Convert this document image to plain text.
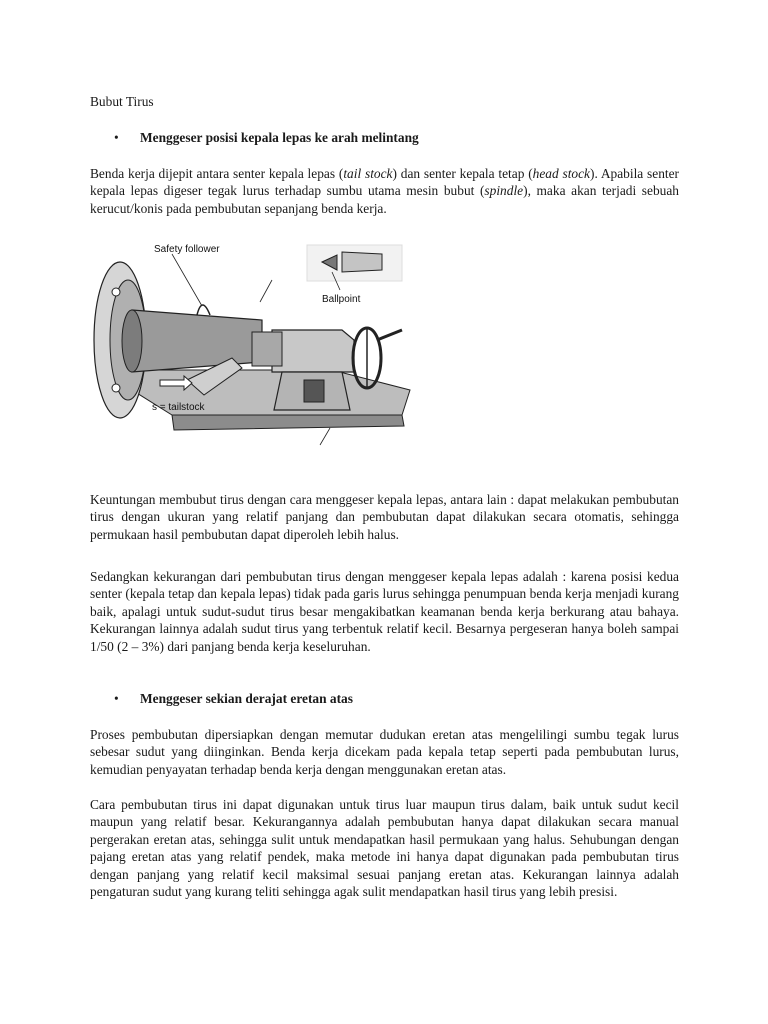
Bubut Tirus
•	Menggeser posisi kepala lepas ke arah melintang
Benda kerja dijepit antara senter kepala lepas (tail stock) dan senter kepala tetap (head stock). Apabila senter kepala lepas digeser tegak lurus terhadap sumbu utama mesin bubut (spindle), maka akan terjadi sebuah kerucut/konis pada pembubutan sepanjang benda kerja.
Safety follower
Ballpoint
s = tailstock
Keuntungan membubut tirus dengan cara menggeser kepala lepas, antara lain : dapat melakukan pembubutan tirus dengan ukuran yang relatif panjang dan pembubutan dapat dilakukan secara otomatis, sehingga permukaan hasil pembubutan dapat diperoleh lebih halus.
Sedangkan kekurangan dari pembubutan tirus dengan menggeser kepala lepas adalah : karena posisi kedua senter (kepala tetap dan kepala lepas) tidak pada garis lurus sehingga penumpuan benda kerja menjadi kurang baik, apalagi untuk sudut-sudut tirus besar mengakibatkan keamanan benda kerja berkurang atau bahaya. Kekurangan lainnya adalah sudut tirus yang terbentuk relatif kecil. Besarnya pergeseran hanya boleh sampai 1/50 (2 – 3%) dari panjang benda kerja keseluruhan.
•	Menggeser sekian derajat eretan atas
Proses pembubutan dipersiapkan dengan memutar dudukan eretan atas mengelilingi sumbu tegak lurus sebesar sudut yang diinginkan. Benda kerja dicekam pada kepala tetap seperti pada pembubutan lurus, kemudian penyayatan terhadap benda kerja dengan menggunakan eretan atas.
Cara pembubutan tirus ini dapat digunakan untuk tirus luar maupun tirus dalam, baik untuk sudut kecil maupun yang relatif besar. Kekurangannya adalah pembubutan hanya dapat dilakukan secara manual pergerakan eretan atas, sehingga sulit untuk mendapatkan hasil permukaan yang halus. Sehubungan dengan pajang eretan atas yang relatif pendek, maka metode ini hanya dapat digunakan pada pembubutan tirus dengan panjang yang relatif kecil maksimal sesuai panjang eretan atas. Kekurangan lainnya adalah pengaturan sudut yang kurang teliti sehingga agak sulit mendapatkan hasil tirus yang lebih presisi.
